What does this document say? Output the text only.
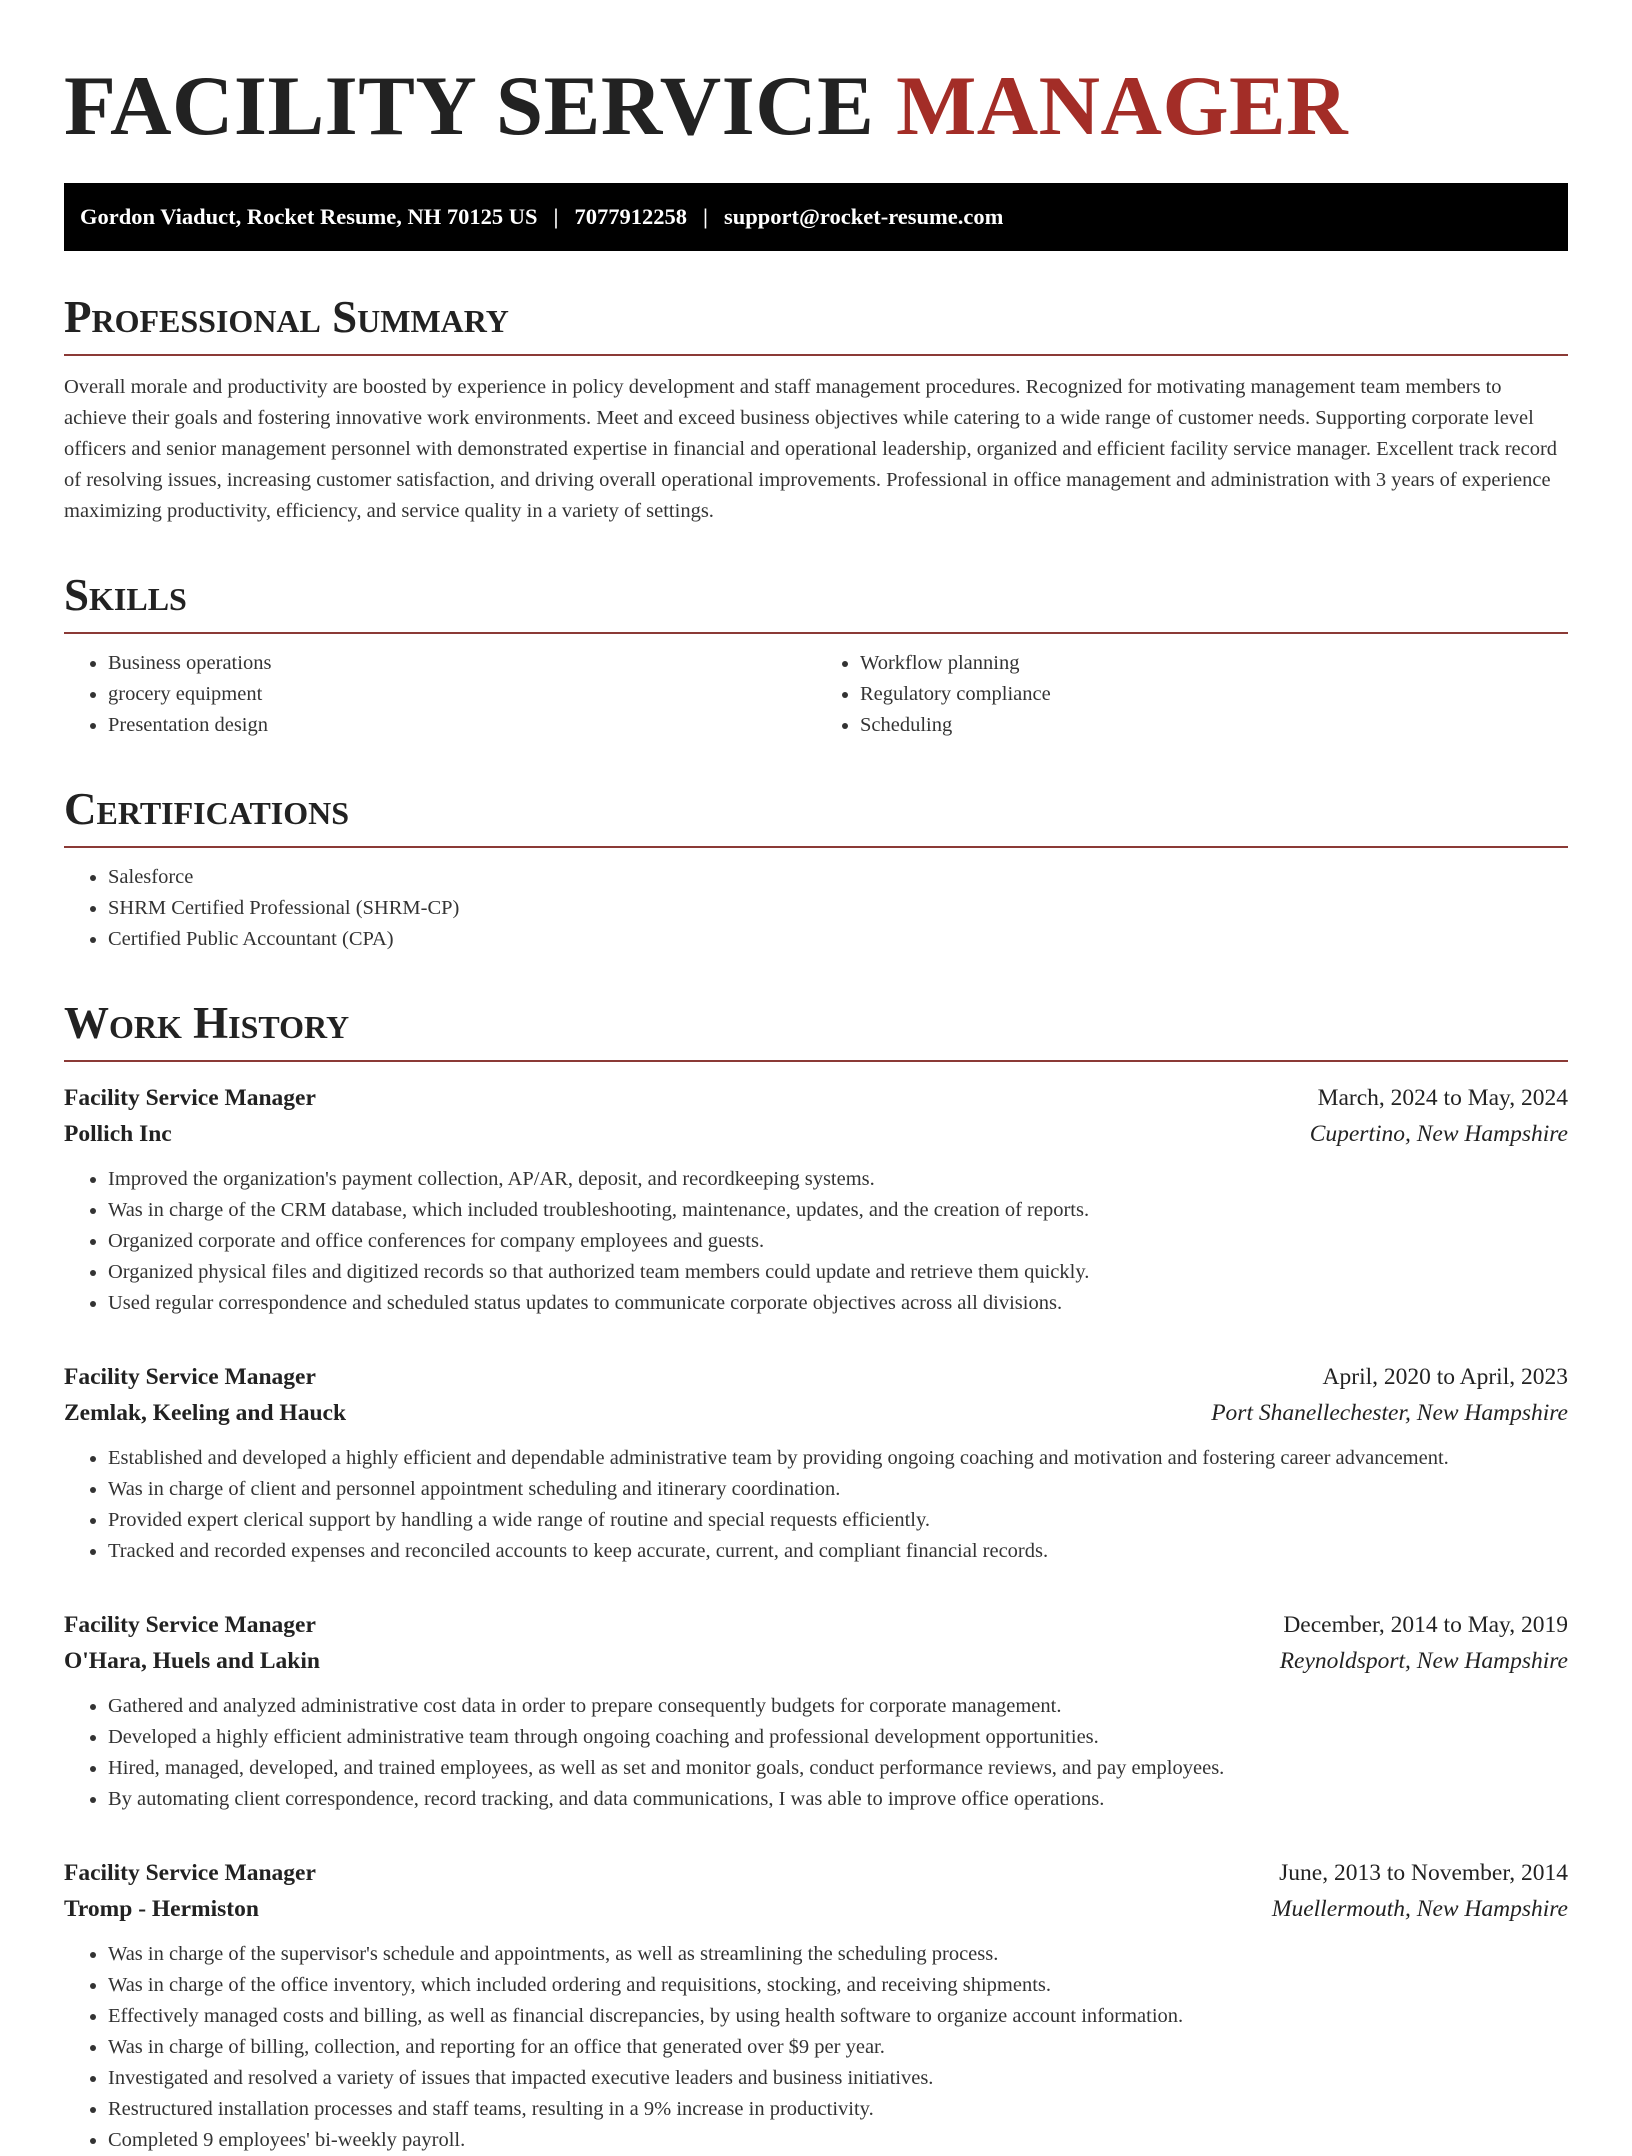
FACILITY SERVICE MANAGER
Gordon Viaduct, Rocket Resume, NH 70125 US | 7077912258 | support@rocket-resume.com
Professional Summary

Overall morale and productivity are boosted by experience in policy development and staff management procedures. Recognized for motivating management team members to achieve their goals and fostering innovative work environments. Meet and exceed business objectives while catering to a wide range of customer needs. Supporting corporate level officers and senior management personnel with demonstrated expertise in financial and operational leadership, organized and efficient facility service manager. Excellent track record of resolving issues, increasing customer satisfaction, and driving overall operational improvements. Professional in office management and administration with 3 years of experience maximizing productivity, efficiency, and service quality in a variety of settings.

Skills
• Business operations
• grocery equipment
• Presentation design
• Workflow planning
• Regulatory compliance
• Scheduling
Certifications
• Salesforce
• SHRM Certified Professional (SHRM-CP)
• Certified Public Accountant (CPA)
Work History
Facility Service Manager	March, 2024 to May, 2024
Pollich Inc	Cupertino, New Hampshire
• Improved the organization's payment collection, AP/AR, deposit, and recordkeeping systems.
• Was in charge of the CRM database, which included troubleshooting, maintenance, updates, and the creation of reports.
• Organized corporate and office conferences for company employees and guests.
• Organized physical files and digitized records so that authorized team members could update and retrieve them quickly.
• Used regular correspondence and scheduled status updates to communicate corporate objectives across all divisions.
Facility Service Manager	April, 2020 to April, 2023
Zemlak, Keeling and Hauck	Port Shanellechester, New Hampshire
• Established and developed a highly efficient and dependable administrative team by providing ongoing coaching and motivation and fostering career advancement.
• Was in charge of client and personnel appointment scheduling and itinerary coordination.
• Provided expert clerical support by handling a wide range of routine and special requests efficiently.
• Tracked and recorded expenses and reconciled accounts to keep accurate, current, and compliant financial records.
Facility Service Manager	December, 2014 to May, 2019
O'Hara, Huels and Lakin	Reynoldsport, New Hampshire
• Gathered and analyzed administrative cost data in order to prepare consequently budgets for corporate management.
• Developed a highly efficient administrative team through ongoing coaching and professional development opportunities.
• Hired, managed, developed, and trained employees, as well as set and monitor goals, conduct performance reviews, and pay employees.
• By automating client correspondence, record tracking, and data communications, I was able to improve office operations.
Facility Service Manager	June, 2013 to November, 2014
Tromp - Hermiston	Muellermouth, New Hampshire
• Was in charge of the supervisor's schedule and appointments, as well as streamlining the scheduling process.
• Was in charge of the office inventory, which included ordering and requisitions, stocking, and receiving shipments.
• Effectively managed costs and billing, as well as financial discrepancies, by using health software to organize account information.
• Was in charge of billing, collection, and reporting for an office that generated over $9 per year.
• Investigated and resolved a variety of issues that impacted executive leaders and business initiatives.
• Restructured installation processes and staff teams, resulting in a 9% increase in productivity.
• Completed 9 employees' bi-weekly payroll.
